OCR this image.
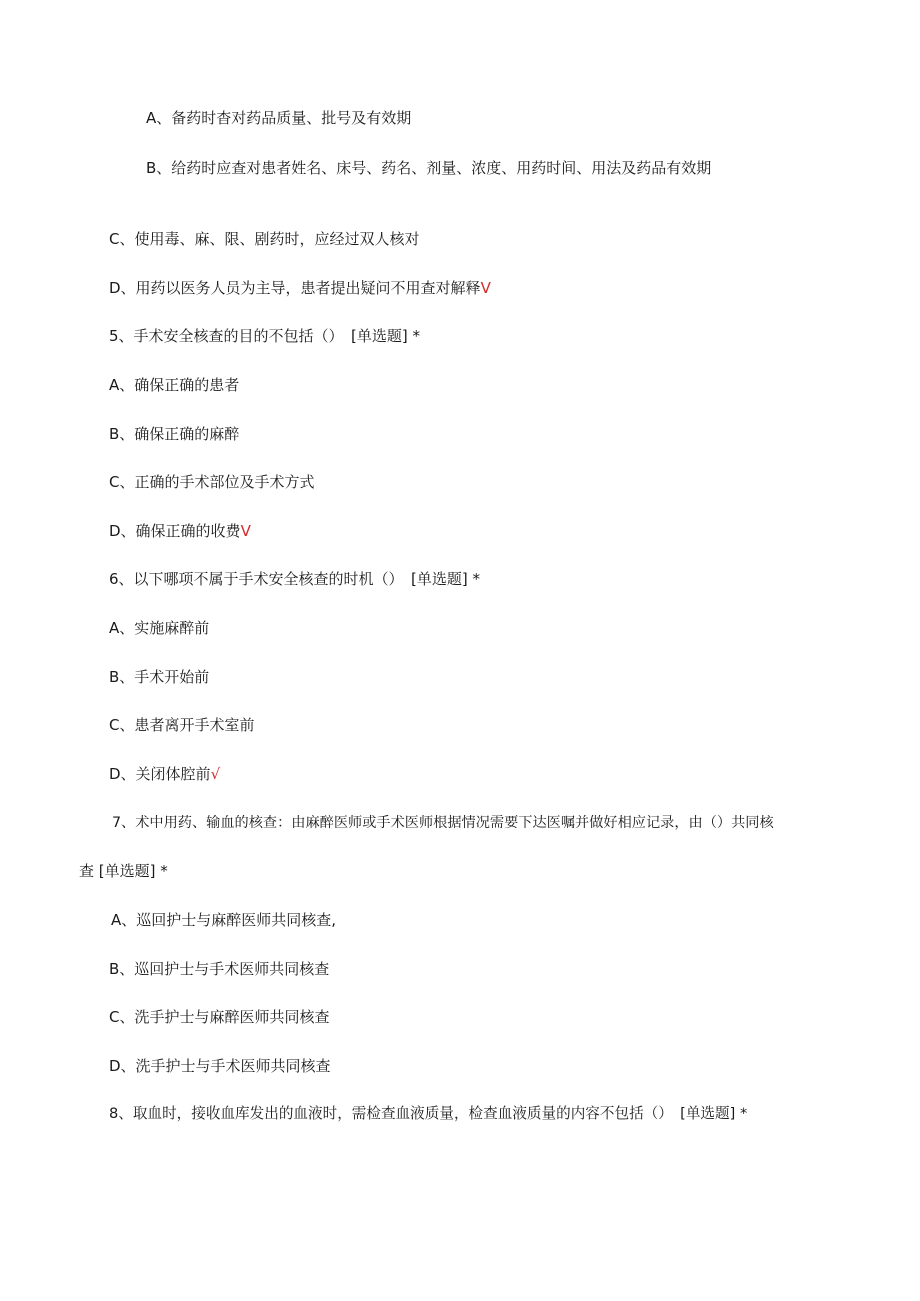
A、备药时杳对药品质量、批号及有效期
B、给药时应查对患者姓名、床号、药名、剂量、浓度、用药时间、用法及药品有效期
C、使用毒、麻、限、剧药时，应经过双人核对
D、用药以医务人员为主导，患者提出疑问不用查对解释V
5、手术安全核查的目的不包括（）　[单选题] *
A、确保正确的患者
B、确保正确的麻醉
C、正确的手术部位及手术方式
D、确保正确的收费V
6、以下哪项不属于手术安全核查的时机（）　[单选题] *
A、实施麻醉前
B、手术开始前
C、患者离开手术室前
D、关闭体腔前√
7、术中用药、输血的核查：由麻醉医师或手术医师根据情况需要下达医嘱并做好相应记录，由（）共同核
查 [单选题] *
A、巡回护士与麻醉医师共同核查,
B、巡回护士与手术医师共同核查
C、洗手护士与麻醉医师共同核查
D、洗手护士与手术医师共同核查
8、取血时，接收血库发出的血液时，需检查血液质量，检查血液质量的内容不包括（）　[单选题] *
